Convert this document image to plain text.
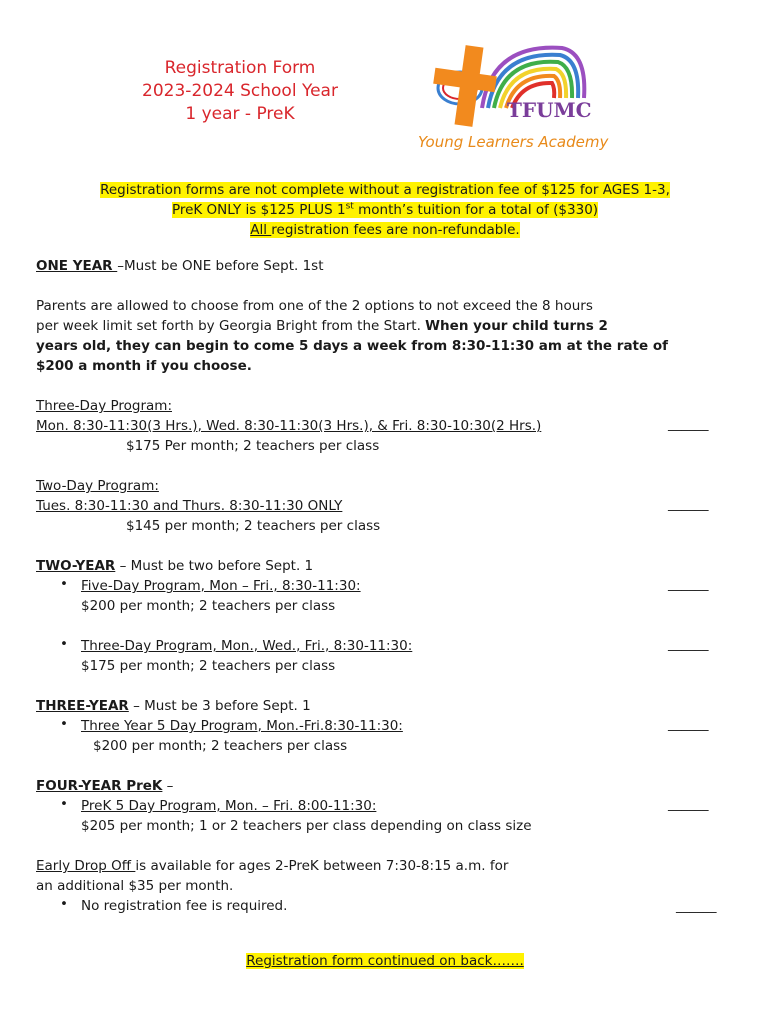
Registration Form
2023-2024 School Year
1 year - PreK	TFUMC
Young Learners Academy
Registration forms are not complete without a registration fee of $125 for AGES 1-3,
PreK ONLY is $125 PLUS 1st month’s tuition for a total of ($330)
All registration fees are non-refundable.
ONE YEAR –Must be ONE before Sept. 1st
Parents are allowed to choose from one of the 2 options to not exceed the 8 hours
per week limit set forth by Georgia Bright from the Start. When your child turns 2
years old, they can begin to come 5 days a week from 8:30-11:30 am at the rate of
$200 a month if you choose.
Three-Day Program:
Mon. 8:30-11:30(3 Hrs.), Wed. 8:30-11:30(3 Hrs.), & Fri. 8:30-10:30(2 Hrs.)	______
$175 Per month; 2 teachers per class
Two-Day Program:
Tues. 8:30-11:30 and Thurs. 8:30-11:30 ONLY	______
$145 per month; 2 teachers per class
TWO-YEAR – Must be two before Sept. 1
• Five-Day Program, Mon – Fri., 8:30-11:30:	______
$200 per month; 2 teachers per class
• Three-Day Program, Mon., Wed., Fri., 8:30-11:30:	______
$175 per month; 2 teachers per class
THREE-YEAR – Must be 3 before Sept. 1
• Three Year 5 Day Program, Mon.-Fri.8:30-11:30:	______
$200 per month; 2 teachers per class
FOUR-YEAR PreK –
• PreK 5 Day Program, Mon. – Fri. 8:00-11:30:	______
$205 per month; 1 or 2 teachers per class depending on class size
Early Drop Off is available for ages 2-PreK between 7:30-8:15 a.m. for
an additional $35 per month.
• No registration fee is required.	______
Registration form continued on back…….
